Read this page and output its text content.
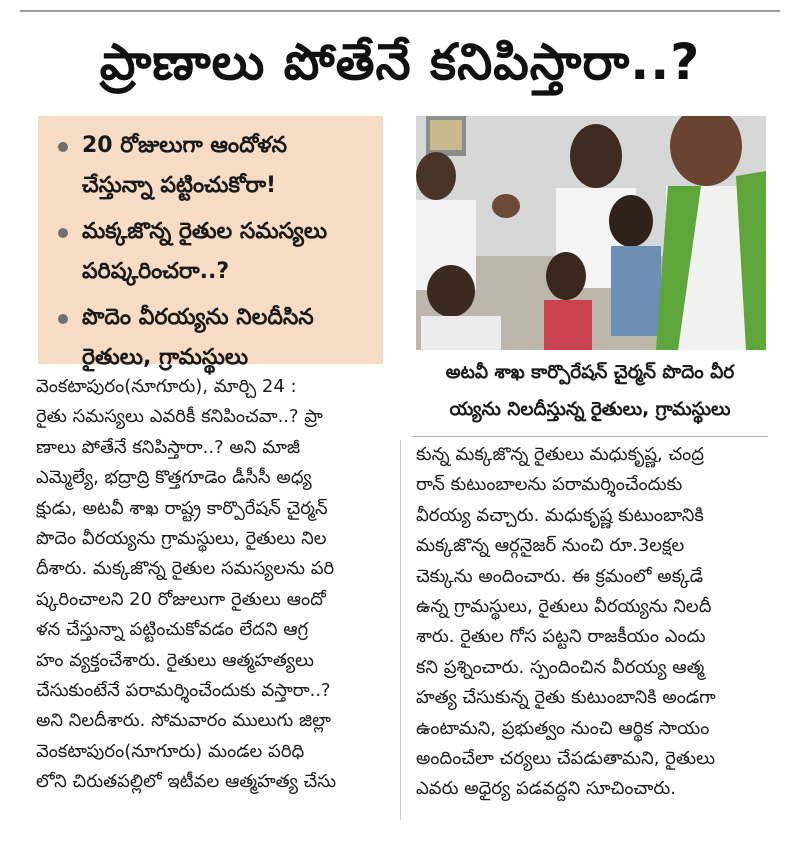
ప్రాణాలు పోతేనే కనిపిస్తారా..?
20 రోజులుగా ఆందోళన
చేస్తున్నా పట్టించుకోరా!
మక్కజొన్న రైతుల సమస్యలు
పరిష్కరించరా..?
పొదెం వీరయ్యను నిలదీసిన
రైతులు, గ్రామస్థులు
అటవీ శాఖ కార్పొరేషన్ చైర్మన్ పొదెం వీర
య్యను నిలదీస్తున్న రైతులు, గ్రామస్థులు
వెంకటాపురం(నూగూరు), మార్చి 24 :
రైతు సమస్యలు ఎవరికీ కనిపించవా..? ప్రా
ణాలు పోతేనే కనిపిస్తారా..? అని మాజీ
ఎమ్మెల్యే, భద్రాద్రి కొత్తగూడెం డీసీసీ అధ్య
క్షుడు, అటవీ శాఖ రాష్ట్ర కార్పొరేషన్ చైర్మన్
పొదెం వీరయ్యను గ్రామస్థులు, రైతులు నిల
దీశారు. మక్కజొన్న రైతుల సమస్యలను పరి
ష్కరించాలని 20 రోజులుగా రైతులు ఆందో
ళన చేస్తున్నా పట్టించుకోవడం లేదని ఆగ్ర
హం వ్యక్తంచేశారు. రైతులు ఆత్మహత్యలు
చేసుకుంటేనే పరామర్శించేందుకు వస్తారా..?
అని నిలదీశారు. సోమవారం ములుగు జిల్లా
వెంకటాపురం(నూగూరు) మండల పరిధి
లోని చిరుతపల్లిలో ఇటీవల ఆత్మహత్య చేసు
కున్న మక్కజొన్న రైతులు మధుకృష్ణ, చంద్ర
రాన్ కుటుంబాలను పరామర్శించేందుకు
వీరయ్య వచ్చారు. మధుకృష్ణ కుటుంబానికి
మక్కజొన్న ఆర్గనైజర్ నుంచి రూ.3లక్షల
చెక్కును అందించారు. ఈ క్రమంలో అక్కడే
ఉన్న గ్రామస్థులు, రైతులు వీరయ్యను నిలదీ
శారు. రైతుల గోస పట్టని రాజకీయం ఎందు
కని ప్రశ్నించారు. స్పందించిన వీరయ్య ఆత్మ
హత్య చేసుకున్న రైతు కుటుంబానికి అండగా
ఉంటామని, ప్రభుత్వం నుంచి ఆర్థిక సాయం
అందించేలా చర్యలు చేపడుతామని, రైతులు
ఎవరు అధైర్య పడవద్దని సూచించారు.
